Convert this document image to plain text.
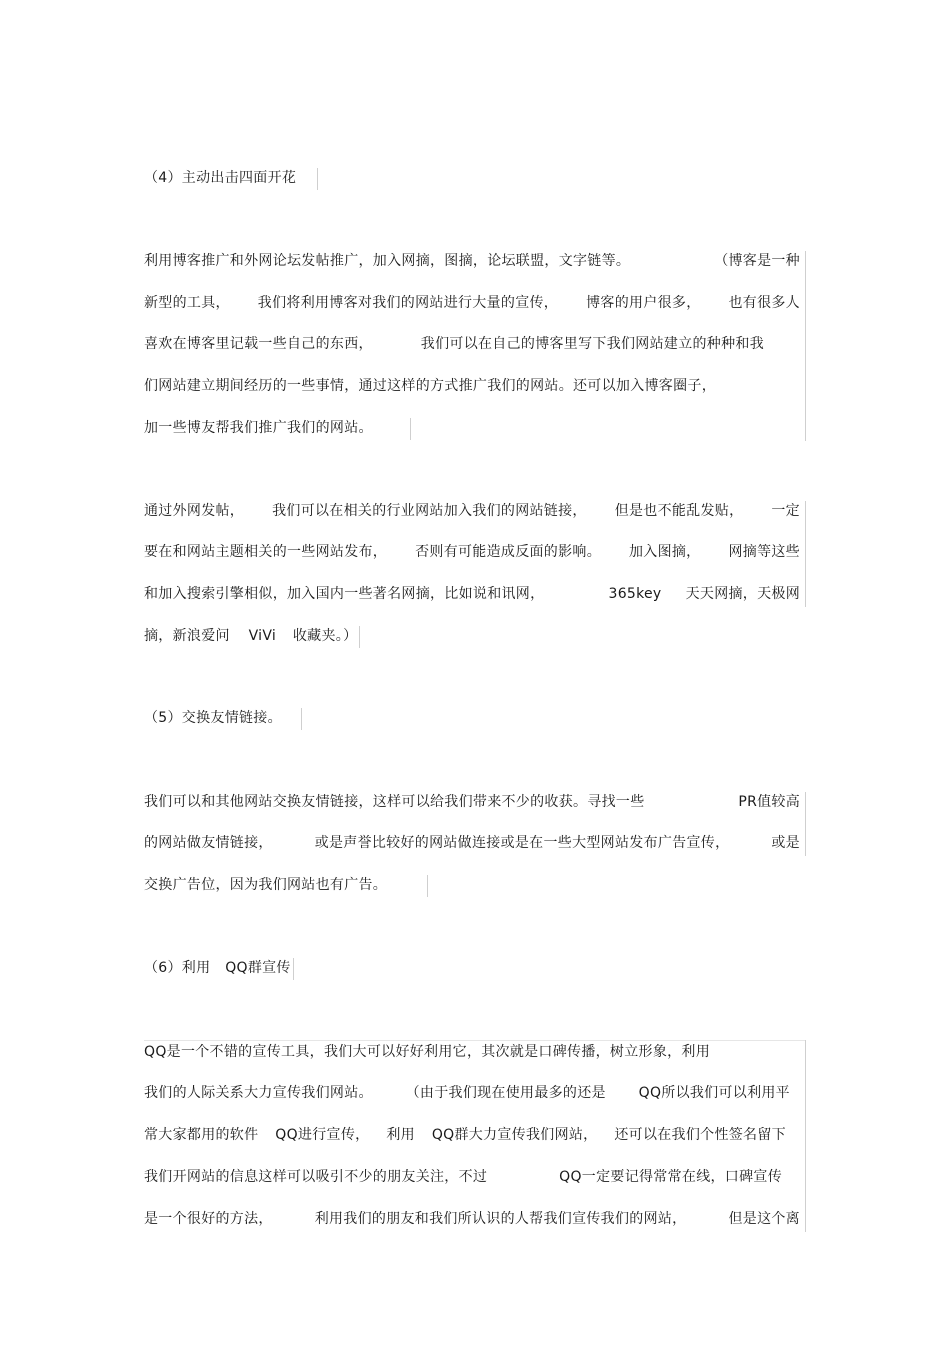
（4）主动出击四面开花
利用博客推广和外网论坛发帖推广，加入网摘，图摘，论坛联盟，文字链等。	（博客是一种
新型的工具， 我们将利用博客对我们的网站进行大量的宣传， 博客的用户很多， 也有很多人
喜欢在博客里记载一些自己的东西，	我们可以在自己的博客里写下我们网站建立的种种和我
们网站建立期间经历的一些事情，通过这样的方式推广我们的网站。还可以加入博客圈子，
加一些博友帮我们推广我们的网站。
通过外网发帖， 我们可以在相关的行业网站加入我们的网站链接， 但是也不能乱发贴， 一定
要在和网站主题相关的一些网站发布， 否则有可能造成反面的影响。 加入图摘， 网摘等这些
和加入搜索引擎相似，加入国内一些著名网摘，比如说和讯网，	365key 天天网摘，天极网
摘，新浪爱问 ViVi 收藏夹。）
（5）交换友情链接。
我们可以和其他网站交换友情链接，这样可以给我们带来不少的收获。寻找一些	PR值较高
的网站做友情链接，	或是声誉比较好的网站做连接或是在一些大型网站发布广告宣传，	或是
交换广告位，因为我们网站也有广告。
（6）利用 QQ群宣传
QQ是一个不错的宣传工具，我们大可以好好利用它，其次就是口碑传播，树立形象，利用
我们的人际关系大力宣传我们网站。 （由于我们现在使用最多的还是 QQ所以我们可以利用平
常大家都用的软件 QQ进行宣传， 利用 QQ群大力宣传我们网站， 还可以在我们个性签名留下
我们开网站的信息这样可以吸引不少的朋友关注，不过	QQ一定要记得常常在线，口碑宣传
是一个很好的方法，	利用我们的朋友和我们所认识的人帮我们宣传我们的网站，	但是这个离
